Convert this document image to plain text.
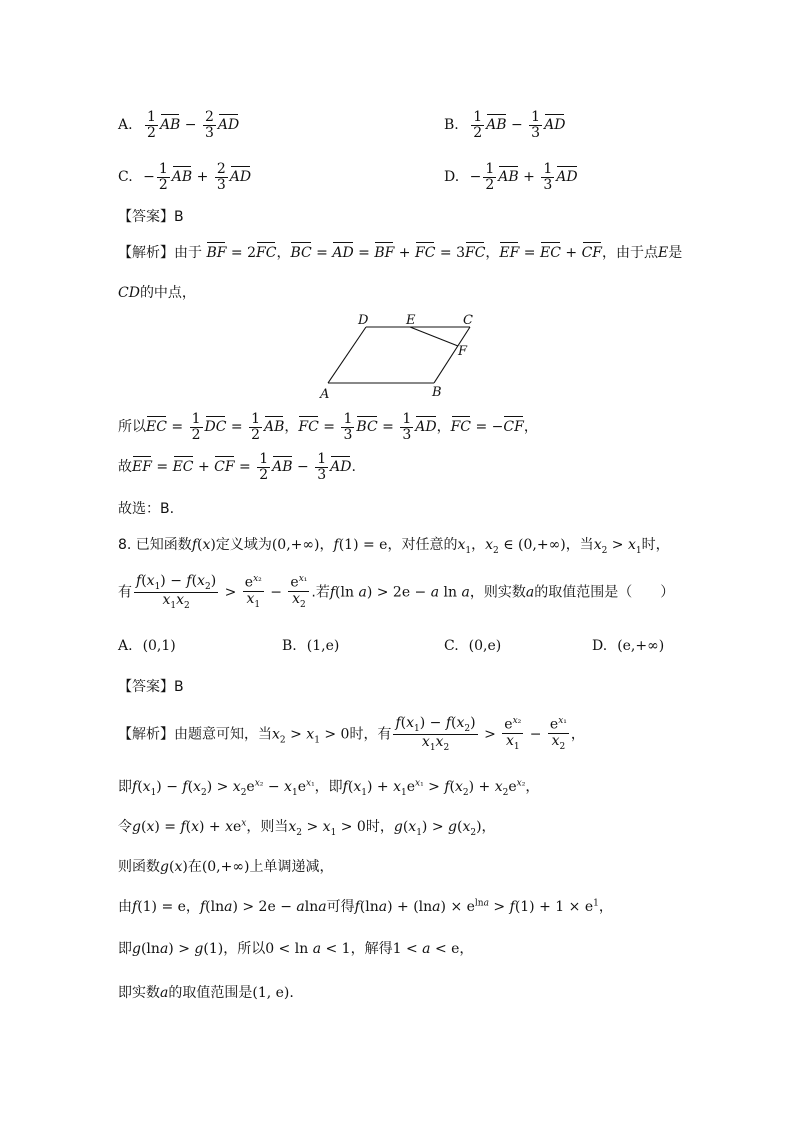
A. $\frac{1}{2}$ AB − $\frac{2}{3}$ AD	B. $\frac{1}{2}$ AB − $\frac{1}{3}$ AD
C. − $\frac{1}{2}$ AB + $\frac{2}{3}$ AD	D. − $\frac{1}{2}$ AB + $\frac{1}{3}$ AD
【答案】B
【解析】由于 BF = 2FC，BC = AD = BF + FC = 3FC，EF = EC + CF，由于点E是
CD的中点，
D	E	C
F
A	B
所以EC = $\frac{1}{2}$ DC = $\frac{1}{2}$ AB，FC = $\frac{1}{3}$ BC = $\frac{1}{3}$ AD，FC = −CF，
故EF = EC + CF = $\frac{1}{2}$ AB − $\frac{1}{3}$ AD.
故选：B.
8. 已知函数f(x)定义域为(0,+∞)，f(1) = e，对任意的$x_1$，$x_2$ ∈ (0,+∞)，当$x_2 > x_1$时，
有 $\frac{f(x_1) - f(x_2)}{x_1x_2} > \frac{e^{x_2}}{x_1} - \frac{e^{x_1}}{x_2}$ .若f(ln a) > 2e − a ln a，则实数a的取值范围是（　　）
A. (0,1)	B. (1,e)	C. (0,e)	D. (e,+∞)
【答案】B
【解析】由题意可知，当$x_2 > x_1 > 0$时，有 $\frac{f(x_1) - f(x_2)}{x_1x_2} > \frac{e^{x_2}}{x_1} - \frac{e^{x_1}}{x_2}$ ，
即$f(x_1) - f(x_2) > x_2e^{x_2} - x_1e^{x_1}$，即$f(x_1) + x_1e^{x_1} > f(x_2) + x_2e^{x_2}$，
令$g(x) = f(x) + xe^x$，则当$x_2 > x_1 > 0$时，$g(x_1) > g(x_2)$，
则函数g(x)在(0,+∞)上单调递减，
由f(1) = e，f(lna) > 2e − alna可得$f(\ln a) + (\ln a) \times e^{lna} > f(1) + 1 \times e^1$，
即g(lna) > g(1)，所以0 < ln a < 1，解得1 < a < e，
即实数a的取值范围是(1, e).
